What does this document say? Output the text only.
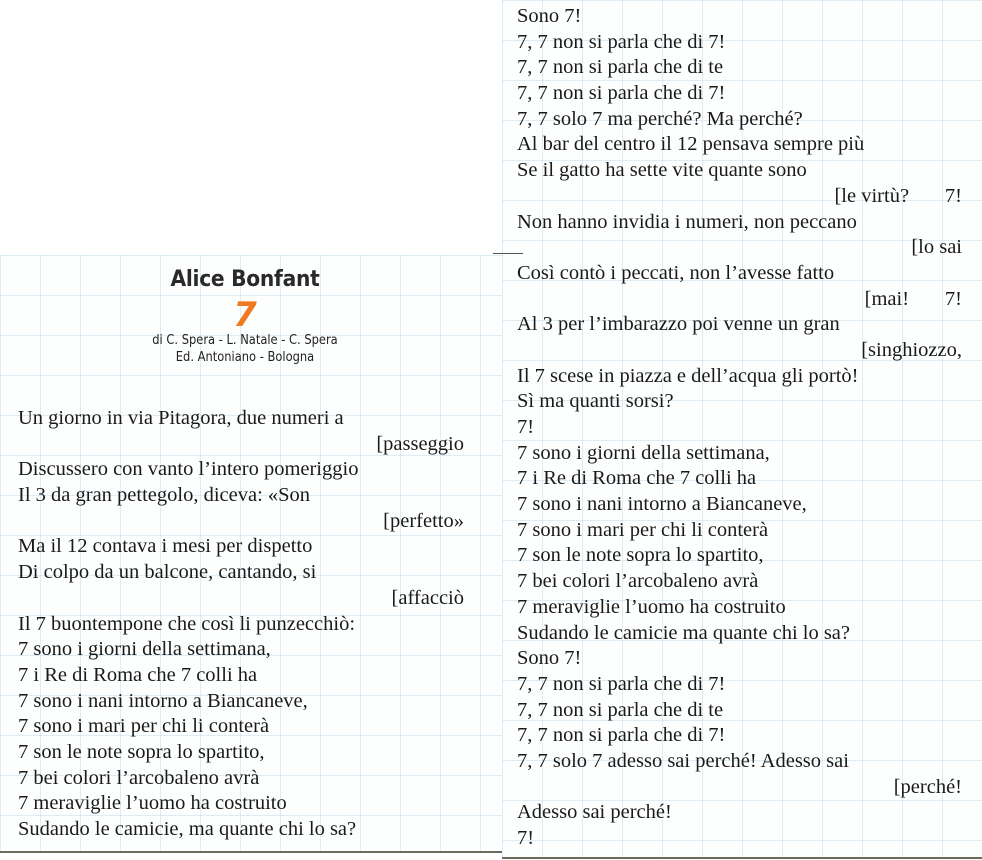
Alice Bonfant
7
di C. Spera - L. Natale - C. Spera
Ed. Antoniano - Bologna
Un giorno in via Pitagora, due numeri a
[passeggio
Discussero con vanto l’intero pomeriggio
Il 3 da gran pettegolo, diceva: «Son
[perfetto»
Ma il 12 contava i mesi per dispetto
Di colpo da un balcone, cantando, si
[affacciò
Il 7 buontempone che così li punzecchiò:
7 sono i giorni della settimana,
7 i Re di Roma che 7 colli ha
7 sono i nani intorno a Biancaneve,
7 sono i mari per chi li conterà
7 son le note sopra lo spartito,
7 bei colori l’arcobaleno avrà
7 meraviglie l’uomo ha costruito
Sudando le camicie, ma quante chi lo sa?
Sono 7!
7, 7 non si parla che di 7!
7, 7 non si parla che di te
7, 7 non si parla che di 7!
7, 7 solo 7 ma perché? Ma perché?
Al bar del centro il 12 pensava sempre più
Se il gatto ha sette vite quante sono
[le virtù?       7!
Non hanno invidia i numeri, non peccano
[lo sai
Così contò i peccati, non l’avesse fatto
[mai!       7!
Al 3 per l’imbarazzo poi venne un gran
[singhiozzo,
Il 7 scese in piazza e dell’acqua gli portò!
Sì ma quanti sorsi?
7!
7 sono i giorni della settimana,
7 i Re di Roma che 7 colli ha
7 sono i nani intorno a Biancaneve,
7 sono i mari per chi li conterà
7 son le note sopra lo spartito,
7 bei colori l’arcobaleno avrà
7 meraviglie l’uomo ha costruito
Sudando le camicie ma quante chi lo sa?
Sono 7!
7, 7 non si parla che di 7!
7, 7 non si parla che di te
7, 7 non si parla che di 7!
7, 7 solo 7 adesso sai perché! Adesso sai
[perché!
Adesso sai perché!
7!
